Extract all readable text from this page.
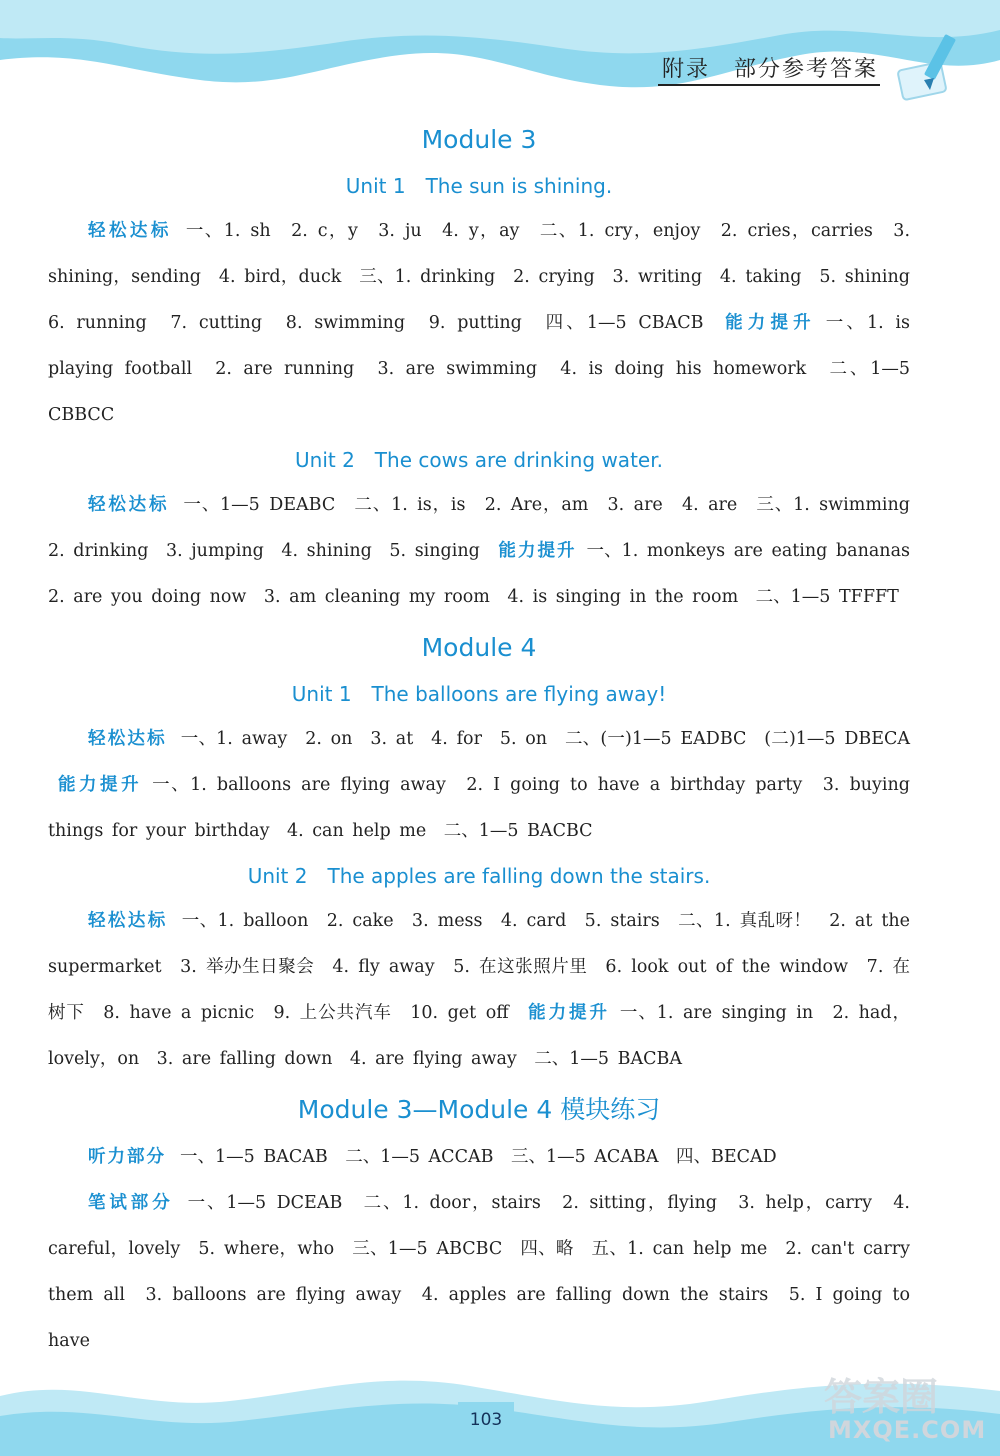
附录　部分参考答案
Module 3
Unit 1　The sun is shining.
轻松达标 一、1. sh　2. c，y　3. ju　4. y，ay　二、1. cry，enjoy　2. cries，carries　3. shining，sending　4. bird，duck　三、1. drinking　2. crying　3. writing　4. taking　5. shining　6. running　7. cutting　8. swimming　9. putting　四、1—5 CBACB 能力提升 一、1. is playing football　2. are running　3. are swimming　4. is doing his homework　二、1—5 CBBCC
Unit 2　The cows are drinking water.
轻松达标 一、1—5 DEABC　二、1. is，is　2. Are，am　3. are　4. are　三、1. swimming　2. drinking　3. jumping　4. shining　5. singing 能力提升 一、1. monkeys are eating bananas　2. are you doing now　3. am cleaning my room　4. is singing in the room　二、1—5 TFFFT
Module 4
Unit 1　The balloons are flying away!
轻松达标 一、1. away　2. on　3. at　4. for　5. on　二、(一)1—5 EADBC　(二)1—5 DBECA 能力提升 一、1. balloons are flying away　2. I going to have a birthday party　3. buying things for your birthday　4. can help me　二、1—5 BACBC
Unit 2　The apples are falling down the stairs.
轻松达标 一、1. balloon　2. cake　3. mess　4. card　5. stairs　二、1. 真乱呀！　2. at the supermarket　3. 举办生日聚会　4. fly away　5. 在这张照片里　6. look out of the window　7. 在树下　8. have a picnic　9. 上公共汽车　10. get off 能力提升 一、1. are singing in　2. had，lovely，on　3. are falling down　4. are flying away　二、1—5 BACBA
Module 3—Module 4 模块练习
听力部分 一、1—5 BACAB　二、1—5 ACCAB　三、1—5 ACABA　四、BECAD
笔试部分 一、1—5 DCEAB　二、1. door，stairs　2. sitting，flying　3. help，carry　4. careful，lovely　5. where，who　三、1—5 ABCBC　四、略　五、1. can help me　2. can't carry them all　3. balloons are flying away　4. apples are falling down the stairs　5. I going to have
103
答案圈
MXQE.COM
